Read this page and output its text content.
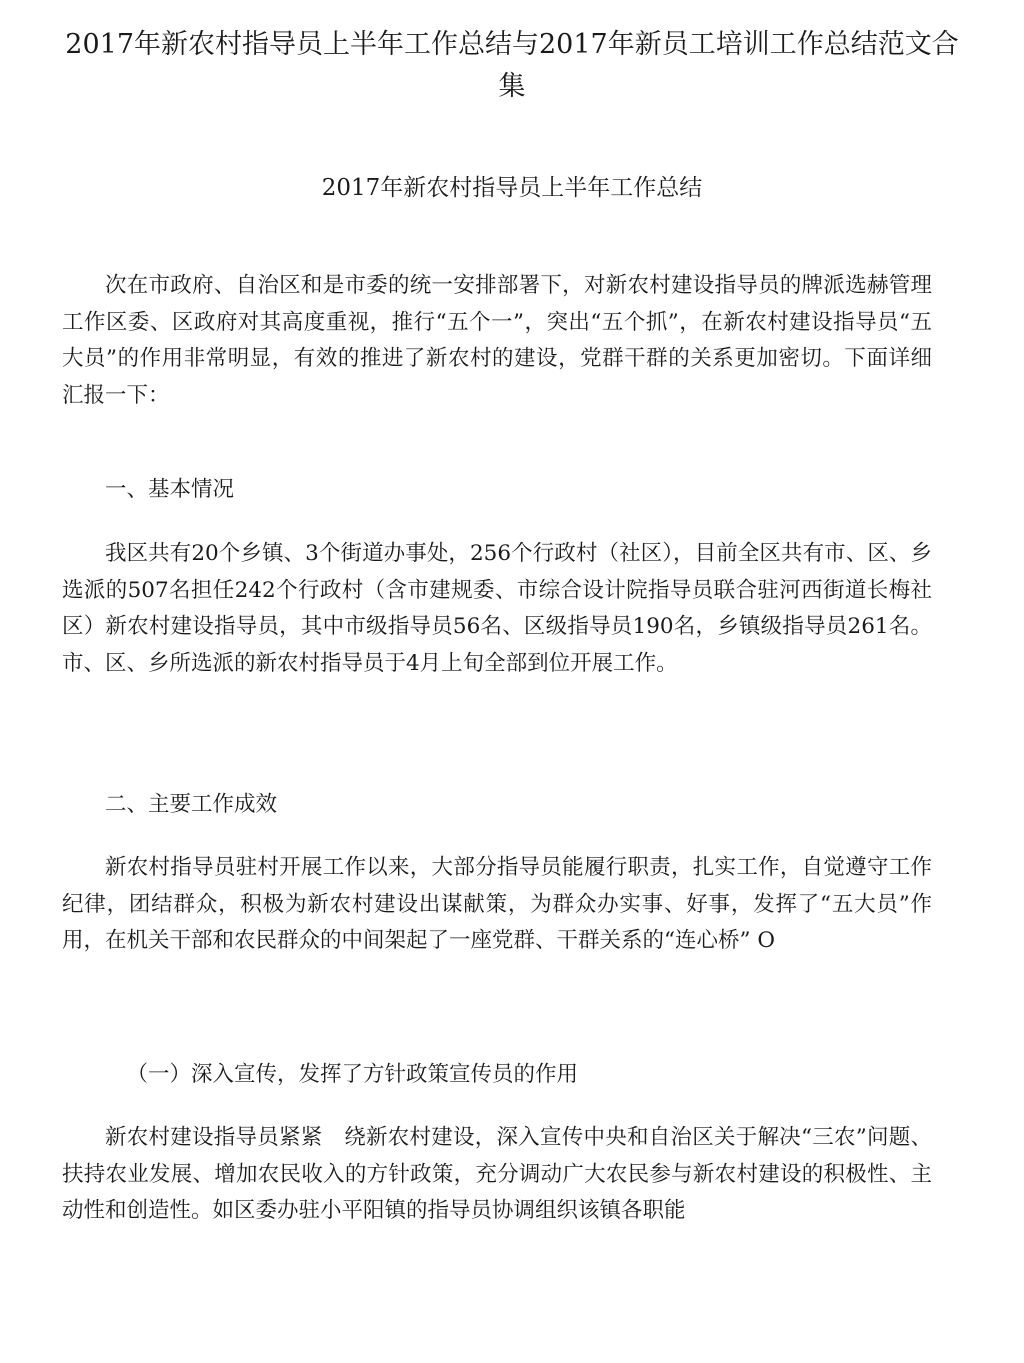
2017年新农村指导员上半年工作总结与2017年新员工培训工作总结范文合集
2017年新农村指导员上半年工作总结

次在市政府、自治区和是市委的统一安排部署下，对新农村建设指导员的牌派选赫管理工作区委、区政府对其高度重视，推行“五个一”，突出“五个抓”，在新农村建设指导员“五大员”的作用非常明显，有效的推进了新农村的建设，党群干群的关系更加密切。下面详细汇报一下：

一、基本情况

我区共有20个乡镇、3个街道办事处，256个行政村（社区），目前全区共有市、区、乡选派的507名担任242个行政村（含市建规委、市综合设计院指导员联合驻河西街道长梅社区）新农村建设指导员，其中市级指导员56名、区级指导员190名，乡镇级指导员261名。市、区、乡所选派的新农村指导员于4月上旬全部到位开展工作。

二、主要工作成效

新农村指导员驻村开展工作以来，大部分指导员能履行职责，扎实工作，自觉遵守工作纪律，团结群众，积极为新农村建设出谋献策，为群众办实事、好事，发挥了“五大员”作用，在机关干部和农民群众的中间架起了一座党群、干群关系的“连心桥” O

（一）深入宣传，发挥了方针政策宣传员的作用

新农村建设指导员紧紧　绕新农村建设，深入宣传中央和自治区关于解决“三农”问题、扶持农业发展、增加农民收入的方针政策，充分调动广大农民参与新农村建设的积极性、主动性和创造性。如区委办驻小平阳镇的指导员协调组织该镇各职能
